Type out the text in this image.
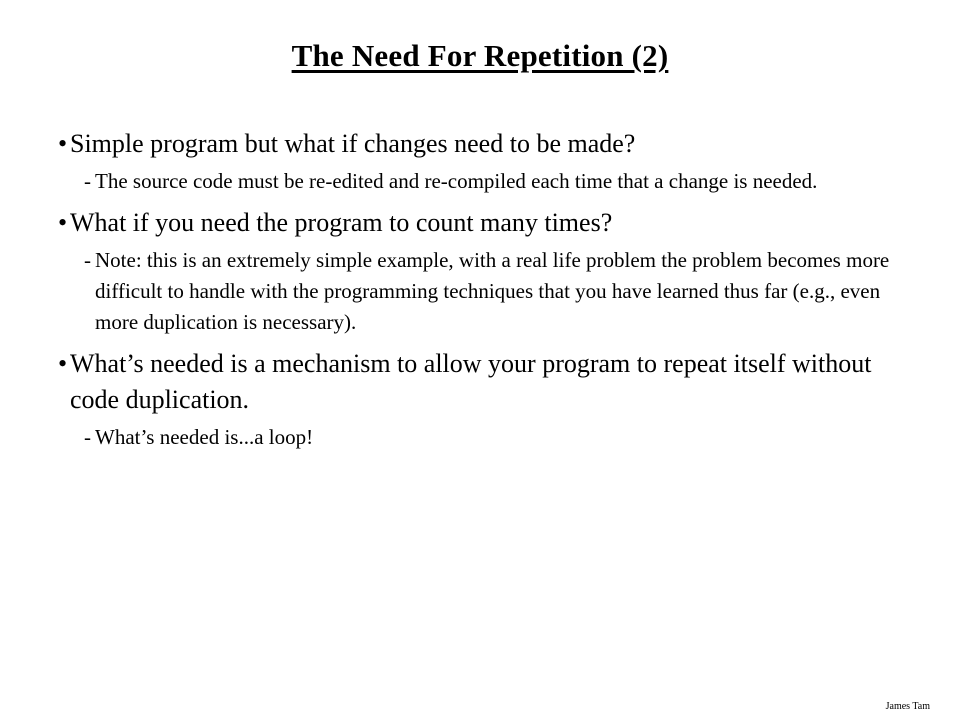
The Need For Repetition (2)
• Simple program but what if changes need to be made?
- The source code must be re-edited and re-compiled each time that a change is needed.
• What if you need the program to count many times?
- Note: this is an extremely simple example, with a real life problem the problem becomes more difficult to handle with the programming techniques that you have learned thus far (e.g., even more duplication is necessary).
• What’s needed is a mechanism to allow your program to repeat itself without code duplication.
- What’s needed is...a loop!
James Tam
